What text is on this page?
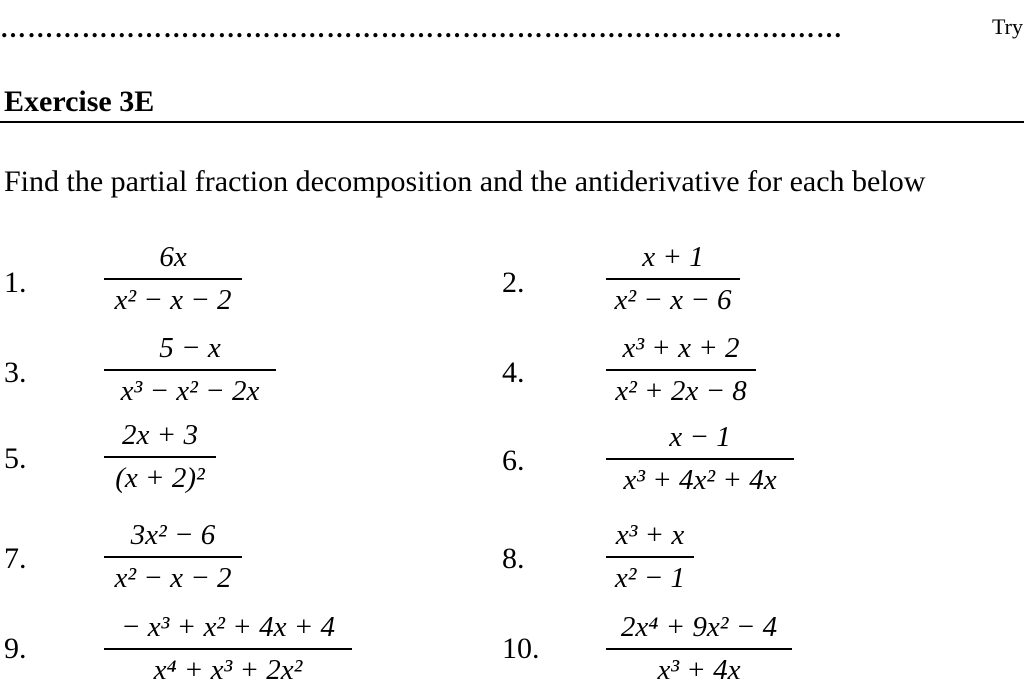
…………………………………………………………………………………	Try
Exercise 3E
Find the partial fraction decomposition and the antiderivative for each below
1.
6x
x² − x − 2
2.
x + 1
x² − x − 6
3.
5 − x
x³ − x² − 2x
4.
x³ + x + 2
x² + 2x − 8
5.
2x + 3
(x + 2)²
6.
x − 1
x³ + 4x² + 4x
7.
3x² − 6
x² − x − 2
8.
x³ + x
x² − 1
9.
− x³ + x² + 4x + 4
x⁴ + x³ + 2x²
10.
2x⁴ + 9x² − 4
x³ + 4x
